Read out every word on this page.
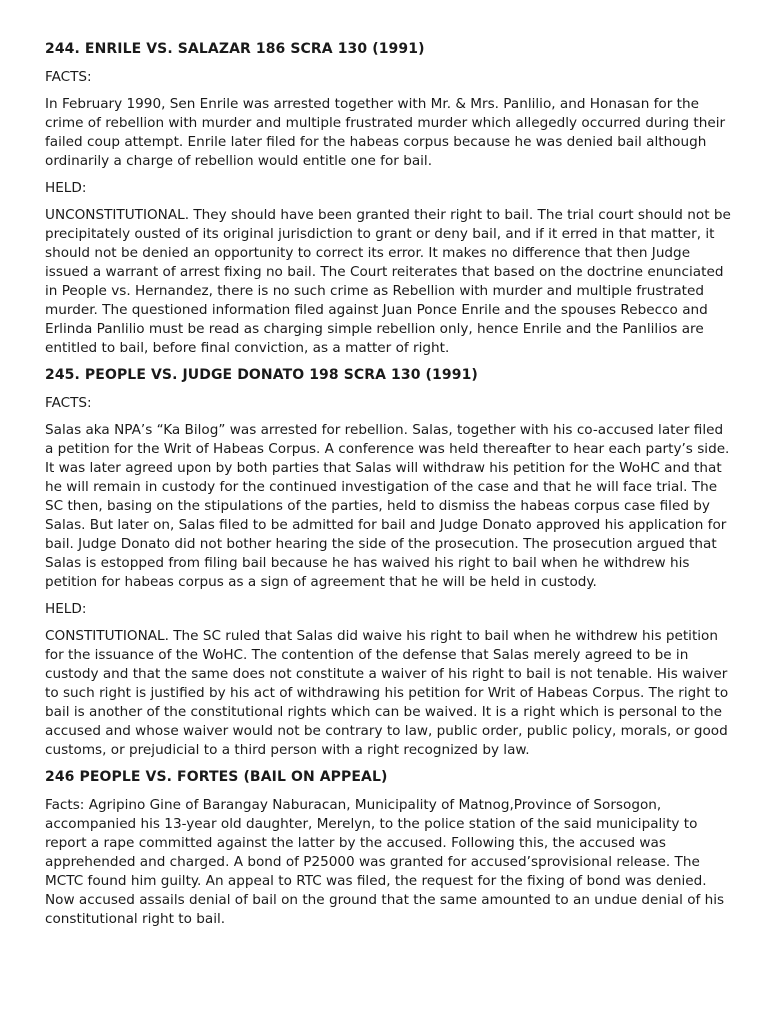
244. ENRILE VS. SALAZAR 186 SCRA 130 (1991)
FACTS:
In February 1990, Sen Enrile was arrested together with Mr. & Mrs. Panlilio, and Honasan for the crime of rebellion with murder and multiple frustrated murder which allegedly occurred during their failed coup attempt. Enrile later filed for the habeas corpus because he was denied bail although ordinarily a charge of rebellion would entitle one for bail.
HELD:
UNCONSTITUTIONAL. They should have been granted their right to bail. The trial court should not be precipitately ousted of its original jurisdiction to grant or deny bail, and if it erred in that matter, it should not be denied an opportunity to correct its error. It makes no difference that then Judge issued a warrant of arrest fixing no bail. The Court reiterates that based on the doctrine enunciated in People vs. Hernandez, there is no such crime as Rebellion with murder and multiple frustrated murder. The questioned information filed against Juan Ponce Enrile and the spouses Rebecco and Erlinda Panlilio must be read as charging simple rebellion only, hence Enrile and the Panlilios are entitled to bail, before final conviction, as a matter of right.
245. PEOPLE VS. JUDGE DONATO 198 SCRA 130 (1991)
FACTS:
Salas aka NPA’s “Ka Bilog” was arrested for rebellion. Salas, together with his co-accused later filed a petition for the Writ of Habeas Corpus. A conference was held thereafter to hear each party’s side. It was later agreed upon by both parties that Salas will withdraw his petition for the WoHC and that he will remain in custody for the continued investigation of the case and that he will face trial. The SC then, basing on the stipulations of the parties, held to dismiss the habeas corpus case filed by Salas. But later on, Salas filed to be admitted for bail and Judge Donato approved his application for bail. Judge Donato did not bother hearing the side of the prosecution. The prosecution argued that Salas is estopped from filing bail because he has waived his right to bail when he withdrew his petition for habeas corpus as a sign of agreement that he will be held in custody.
HELD:
CONSTITUTIONAL. The SC ruled that Salas did waive his right to bail when he withdrew his petition for the issuance of the WoHC. The contention of the defense that Salas merely agreed to be in custody and that the same does not constitute a waiver of his right to bail is not tenable. His waiver to such right is justified by his act of withdrawing his petition for Writ of Habeas Corpus. The right to bail is another of the constitutional rights which can be waived. It is a right which is personal to the accused and whose waiver would not be contrary to law, public order, public policy, morals, or good customs, or prejudicial to a third person with a right recognized by law.
246 PEOPLE VS. FORTES (BAIL ON APPEAL)
Facts: Agripino Gine of Barangay Naburacan, Municipality of Matnog,Province of Sorsogon, accompanied his 13-year old daughter, Merelyn, to the police station of the said municipality to report a rape committed against the latter by the accused. Following this, the accused was apprehended and charged. A bond of P25000 was granted for accused’sprovisional release. The MCTC found him guilty. An appeal to RTC was filed, the request for the fixing of bond was denied. Now accused assails denial of bail on the ground that the same amounted to an undue denial of his constitutional right to bail.
